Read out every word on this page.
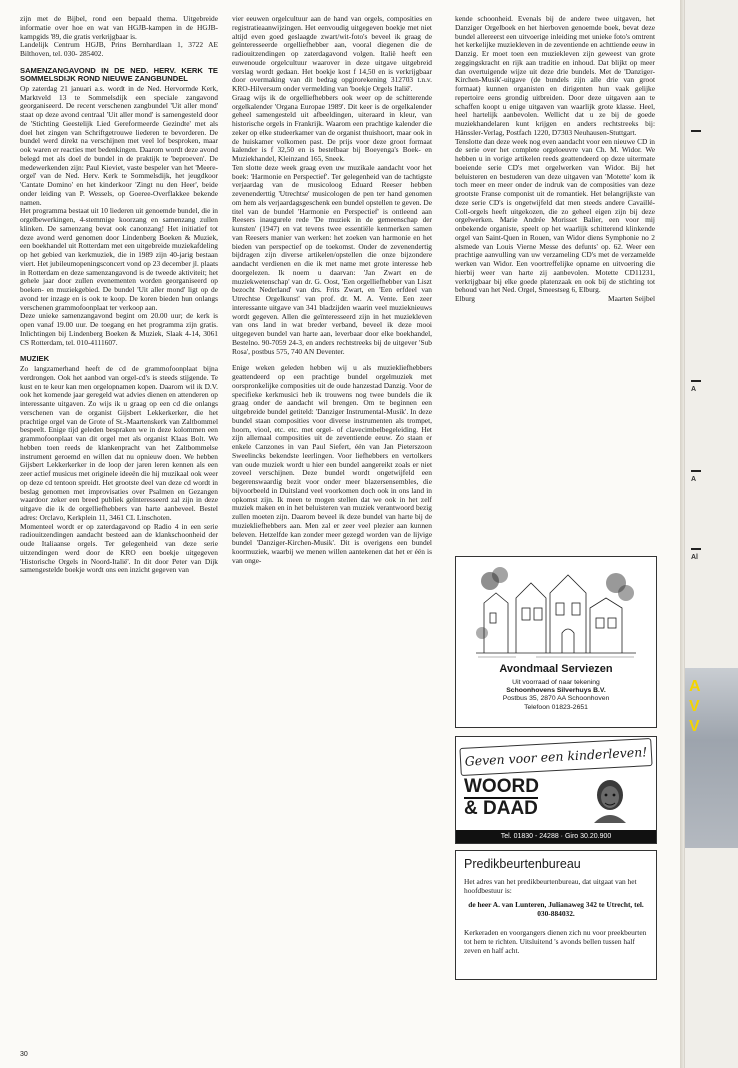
zijn met de Bijbel, rond een bepaald thema. Uitgebreide informatie over hoe en wat van HGJB-kampen in de HGJB-kampgids '89, die gratis verkrijgbaar is.

Landelijk Centrum HGJB, Prins Bernhardlaan 1, 3722 AE Bilthoven, tel. 030- 285402.

SAMENZANGAVOND IN DE NED. HERV. KERK TE SOMMELSDIJK ROND NIEUWE ZANGBUNDEL

Op zaterdag 21 januari a.s. wordt in de Ned. Hervormde Kerk, Marktveld 13 te Sommelsdijk een speciale zangavond georganiseerd. De recent verschenen zangbundel 'Uit aller mond' staat op deze avond centraal 'Uit aller mond' is samengesteld door de 'Stichting Geestelijk Lied Gereformeerde Gezindte' met als doel het zingen van Schriftgetrouwe liederen te bevorderen. De bundel werd direkt na verschijnen met veel lof besproken, maar ook waren er reacties met bedenkingen. Daarom wordt deze avond belegd met als doel de bundel in de praktijk te 'beproeven'. De medewerkenden zijn: Paul Kieviet, vaste bespeler van het 'Meere-orgel' van de Ned. Herv. Kerk te Sommelsdijk, het jeugdkoor 'Cantate Domino' en het kinderkoor 'Zingt nu den Heer', beide onder leiding van P. Wessels, op Goeree-Overflakkee bekende namen.

Het programma bestaat uit 10 liederen uit genoemde bundel, die in orgelbewerkingen, 4-stemmige koorzang en samenzang zullen klinken. De samenzang bevat ook canonzang! Het initiatief tot deze avond werd genomen door Lindenberg Boeken & Muziek, een boekhandel uit Rotterdam met een uitgebreide muziekafdeling op het gebied van kerkmuziek, die in 1989 zijn 40-jarig bestaan viert. Het jubileumopeningsconcert vond op 23 december jl. plaats in Rotterdam en deze samenzangavond is de tweede aktiviteit; het gehele jaar door zullen evenementen worden georganiseerd op boeken- en muziekgebied. De bundel 'Uit aller mond' ligt op de avond ter inzage en is ook te koop. De koren bieden hun onlangs verschenen grammofoonplaat ter verkoop aan.

Deze unieke samenzangavond begint om 20.00 uur; de kerk is open vanaf 19.00 uur. De toegang en het programma zijn gratis. Inlichtingen bij Lindenberg Boeken & Muziek, Slaak 4-14, 3061 CS Rotterdam, tel. 010-4111607.

MUZIEK

Zo langzamerhand heeft de cd de grammofoonplaat bijna verdrongen. Ook het aanbod van orgel-cd's is steeds stijgende. Te kust en te keur kan men orgelopnamen kopen. Daarom wil ik D.V. ook het komende jaar geregeld wat advies dienen en attenderen op interessante uitgaven. Zo wijs ik u graag op een cd die onlangs verschenen van de organist Gijsbert Lekkerkerker, die het prachtige orgel van de Grote of St.-Maartenskerk van Zaltbommel bespeelt. Enige tijd geleden bespraken we in deze kolommen een grammofoonplaat van dit orgel met als organist Klaas Bolt. We hebben toen reeds de klankenpracht van het Zaltbommelse instrument geroemd en willen dat nu opnieuw doen. We hebben Gijsbert Lekkerkerker in de loop der jaren leren kennen als een zeer actief musicus met originele ideeën die hij muzikaal ook weer op deze cd tentoon spreidt. Het grootste deel van deze cd wordt in beslag genomen met improvisaties over Psalmen en Gezangen waardoor zeker een breed publiek geïnteresseerd zal zijn in deze uitgave die ik de orgelliefhebbers van harte aanbeveel. Bestel adres: Orclavo, Kerkplein 11, 3461 CL Linschoten.

Momenteel wordt er op zaterdagavond op Radio 4 in een serie radiouitzendingen aandacht besteed aan de klankschoonheid der oude Italiaanse orgels. Ter gelegenheid van deze serie uitzendingen werd door de KRO een boekje uitgegeven 'Historische Orgels in Noord-Italië'. In dit door Peter van Dijk samengestelde boekje wordt ons een inzicht gegeven van

vier eeuwen orgelcultuur aan de hand van orgels, composities en registratieaanwijzingen. Het eenvoudig uitgegeven boekje met niet altijd even goed geslaagde zwart/wit-foto's beveel ik graag de geïnteresseerde orgelliefhebber aan, vooral diegenen die de radiouitzendingen op zaterdagavond volgen. Italië heeft een euwenoude orgelcultuur waarover in deze uitgave uitgebreid verslag wordt gedaan. Het boekje kost f 14,50 en is verkrijgbaar door overmaking van dit bedrag opgirorekening 312703 t.n.v. KRO-Hilversum onder vermelding van 'boekje Orgels Italië'.

Graag wijs ik de orgelliefhebbers ook weer op de schitterende orgelkalender 'Organa Europae 1989'. Dit keer is de orgelkalender geheel samengesteld uit afbeeldingen, uiteraard in kleur, van historische orgels in Frankrijk. Waarom een prachtige kalender die zeker op elke studeerkamer van de organist thuishoort, maar ook in de huiskamer volkomen past. De prijs voor deze groot formaat kalender is f 32,50 en is bestelbaar bij Boeyenga's Boek- en Muziekhandel, Kleinzand 165, Sneek.

Ten slotte deze week graag even uw muzikale aandacht voor het boek: 'Harmonie en Perspectief'. Ter gelegenheid van de tachtigste verjaardag van de musicoloog Eduard Reeser hebben zevenenderttig 'Utrechtse' musicologen de pen ter hand genomen om hem als verjaardagsgeschenk een bundel opstellen te geven. De titel van de bundel 'Harmonie en Perspectief' is ontleend aan Reesers inaugurele rede 'De muziek in de gemeenschap der kunsten' (1947) en vat tevens twee essentiële kenmerken samen van Reesers manier van werken: het zoeken van harmonie en het bieden van perspectief op de toekomst. Onder de zevenendertig bijdragen zijn diverse artikelen/opstellen die onze bijzondere aandacht verdienen en die ik met name met grote interesse heb doorgelezen. Ik noem u daarvan: 'Jan Zwart en de muziekwetenschap' van dr. G. Oost, 'Een orgelliefhebber van Liszt bezocht Nederland' van drs. Frits Zwart, en 'Een erfdeel van Utrechtse Orgelkunst' van prof. dr. M. A. Vente. Een zeer interessante uitgave van 341 bladzijden waarin veel muzieknieuws wordt gegeven. Allen die geïnteresseerd zijn in het muziekleven van ons land in wat breder verband, beveel ik deze mooi uitgegeven bundel van harte aan, leverbaar door elke boekhandel, Bestelno. 90-7059 24-3, en anders rechtstreeks bij de uitgever 'Sub Rosa', postbus 575, 740 AN Deventer.

Enige weken geleden hebben wij u als muziekliefhebbers geattendeerd op een prachtige bundel orgelmuziek met oorspronkelijke composities uit de oude hanzestad Danzig. Voor de specifieke kerkmusici heb ik trouwens nog twee bundels die ik graag onder de aandacht wil brengen. Om te beginnen een uitgebreide bundel getiteld: 'Danziger Instrumental-Musik'. In deze bundel staan composities voor diverse instrumenten als trompet, hoorn, viool, etc. etc. met orgel- of clavecimbelbegeleiding. Het zijn allemaal composities uit de zeventiende eeuw. Zo staan er enkele Canzones in van Paul Siefert, één van Jan Pieterszoon Sweelincks bekendste leerlingen. Voor liefhebbers en vertolkers van oude muziek wordt u hier een bundel aangereikt zoals er niet zoveel verschijnen. Deze bundel wordt ongetwijfeld een begerenswaardig bezit voor onder meer blazersensembles, die bijvoorbeeld in Duitsland veel voorkomen doch ook in ons land in opkomst zijn. Ik meen te mogen stellen dat we ook in het zelf muziek maken en in het beluisteren van muziek verantwoord bezig zullen moeten zijn. Daarom beveel ik deze bundel van harte bij de muziekliefhebbers aan. Men zal er zeer veel plezier aan kunnen beleven. Hetzelfde kan zonder meer gezegd worden van de lijvige bundel 'Danziger-Kirchen-Musik'. Dit is overigens een bundel koormuziek, waarbij we menen willen aantekenen dat het er één is van onge-

kende schoonheid. Evenals bij de andere twee uitgaven, het Danziger Orgelboek en het hierboven genoemde boek, bevat deze bundel allereerst een uitvoerige inleiding met unieke foto's omtrent het kerkelijke muziekleven in de zeventiende en achttiende eeuw in Danzig. Er moet toen een muziekleven zijn geweest van grote zeggingskracht en rijk aan traditie en inhoud. Dat blijkt op meer dan overtuigende wijze uit deze drie bundels. Met de 'Danziger-Kirchen-Musik'-uitgave (de bundels zijn alle drie van groot formaat) kunnen organisten en dirigenten hun vaak gelijke repertoire eens grondig uitbreiden. Door deze uitgaven aan te schaffen koopt u enige uitgaven van waarlijk grote klasse. Heel, heel hartelijk aanbevolen. Wellicht dat u ze bij de goede muziekhandelaren kunt krijgen en anders rechtstreeks bij: Hänssler-Verlag, Postfach 1220, D7303 Neuhausen-Stuttgart.

Tenslotte dan deze week nog even aandacht voor een nieuwe CD in de serie over het complete orgeloeuvre van Ch. M. Widor. We hebben u in vorige artikelen reeds geattendeerd op deze uitermate boeiende serie CD's met orgelwerken van Widor. Bij het beluisteren en bestuderen van deze uitgaven van 'Motette' kom ik toch meer en meer onder de indruk van de composities van deze grootste Franse componist uit de romantiek. Het belangrijkste van deze serie CD's is ongetwijfeld dat men steeds andere Cavaillé-Coll-orgels heeft uitgekozen, die zo geheel eigen zijn bij deze orgelwerken. Marie Andrée Morisset Balier, een voor mij onbekende organiste, speelt op het waarlijk schitterend klinkende orgel van Saint-Quen in Rouen, van Widor diens Symphonie no 2 alsmede van Louis Vierne Messe des defunts' op. 62. Weer een prachtige aanvulling van uw verzameling CD's met de verzamelde werken van Widor. Een voortreffelijke opname en uitvoering die hierbij weer van harte zij aanbevolen. Motette CD11231, verkrijgbaar bij elke goede platenzaak en ook bij de stichting tot behoud van het Ned. Orgel, Smeestseg 6, Elburg.

Elburg	Maarten Seijbel
Avondmaal Serviezen
Uit voorraad of naar tekening
Schoonhovens Silverhuys B.V.
Postbus 35, 2870 AA Schoonhoven
Telefoon 01823-2651
Geven voor een kinderleven!
WOORD
& DAAD
Tel. 01830 - 24288 · Giro 30.20.900
Predikbeurtenbureau
Het adres van het predikbeurtenbureau, dat uitgaat van het hoofdbestuur is:
de heer A. van Lunteren, Julianaweg 342 te Utrecht, tel. 030-884032.
Kerkeraden en voorgangers dienen zich nu voor preekbeurten tot hem te richten. Uitsluitend 's avonds bellen tussen half zeven en half acht.
30
A
A
Al
A
V
V
